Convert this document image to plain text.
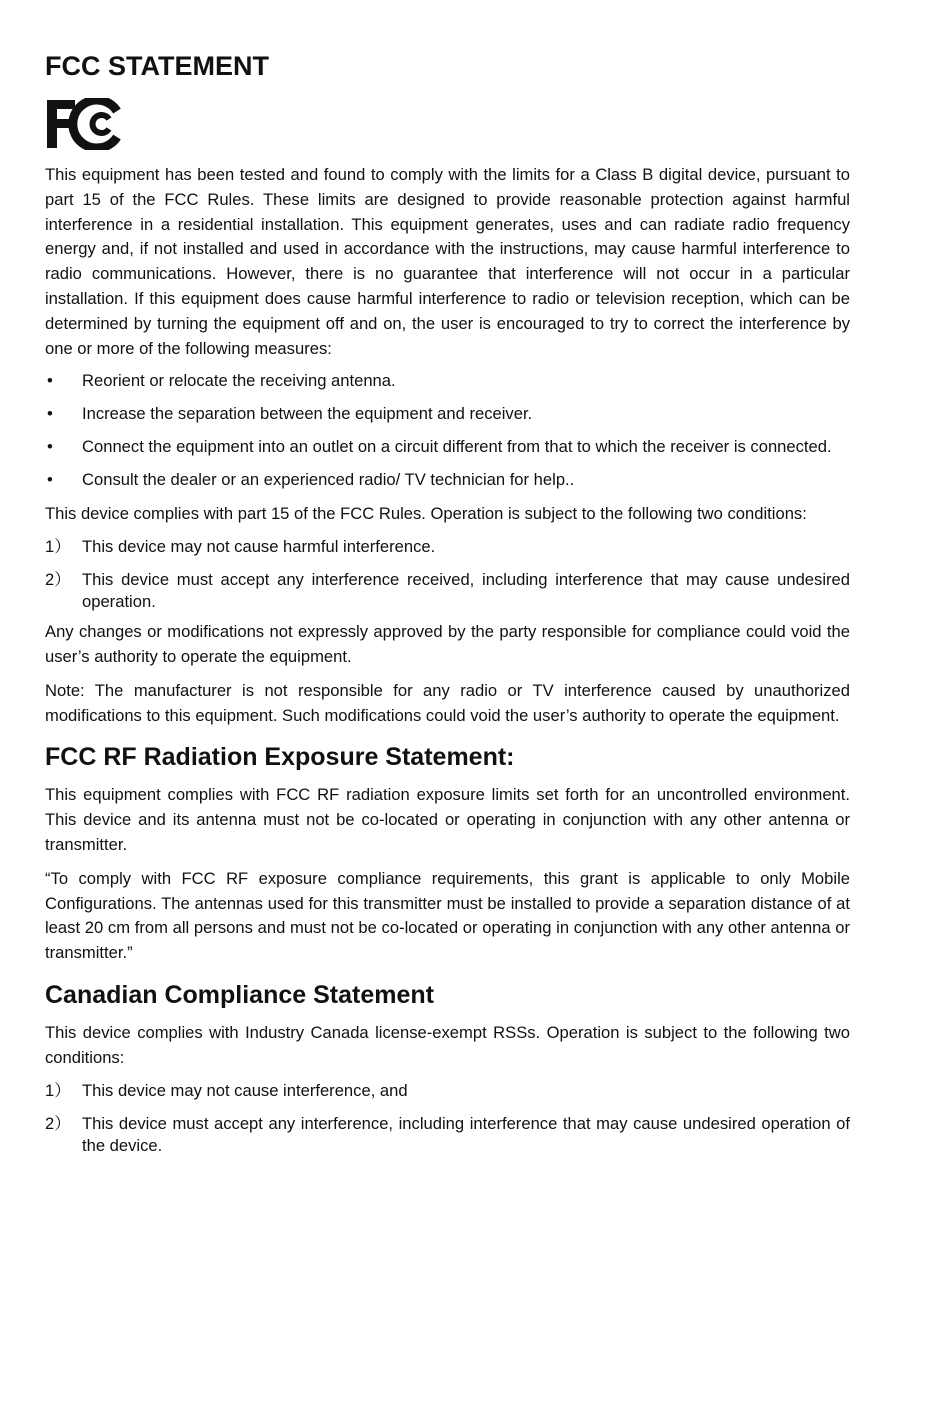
FCC STATEMENT

This equipment has been tested and found to comply with the limits for a Class B digital device, pursuant to part 15 of the FCC Rules. These limits are designed to provide reasonable protection against harmful interference in a residential installation. This equipment generates, uses and can radiate radio frequency energy and, if not installed and used in accordance with the instructions, may cause harmful interference to radio communications. However, there is no guarantee that interference will not occur in a particular installation. If this equipment does cause harmful interference to radio or television reception, which can be determined by turning the equipment off and on, the user is encouraged to try to correct the interference by one or more of the following measures:

• Reorient or relocate the receiving antenna.
• Increase the separation between the equipment and receiver.
• Connect the equipment into an outlet on a circuit different from that to which the receiver is connected.
• Consult the dealer or an experienced radio/ TV technician for help..

This device complies with part 15 of the FCC Rules. Operation is subject to the following two conditions:

1） This device may not cause harmful interference.
2） This device must accept any interference received, including interference that may cause undesired operation.

Any changes or modifications not expressly approved by the party responsible for compliance could void the user’s authority to operate the equipment.

Note: The manufacturer is not responsible for any radio or TV interference caused by unauthorized modifications to this equipment. Such modifications could void the user’s authority to operate the equipment.

FCC RF Radiation Exposure Statement:

This equipment complies with FCC RF radiation exposure limits set forth for an uncontrolled environment. This device and its antenna must not be co-located or operating in conjunction with any other antenna or transmitter.

“To comply with FCC RF exposure compliance requirements, this grant is applicable to only Mobile Configurations. The antennas used for this transmitter must be installed to provide a separation distance of at least 20 cm from all persons and must not be co-located or operating in conjunction with any other antenna or transmitter.”

Canadian Compliance Statement

This device complies with Industry Canada license-exempt RSSs. Operation is subject to the following two conditions:

1） This device may not cause interference, and
2） This device must accept any interference, including interference that may cause undesired operation of the device.
